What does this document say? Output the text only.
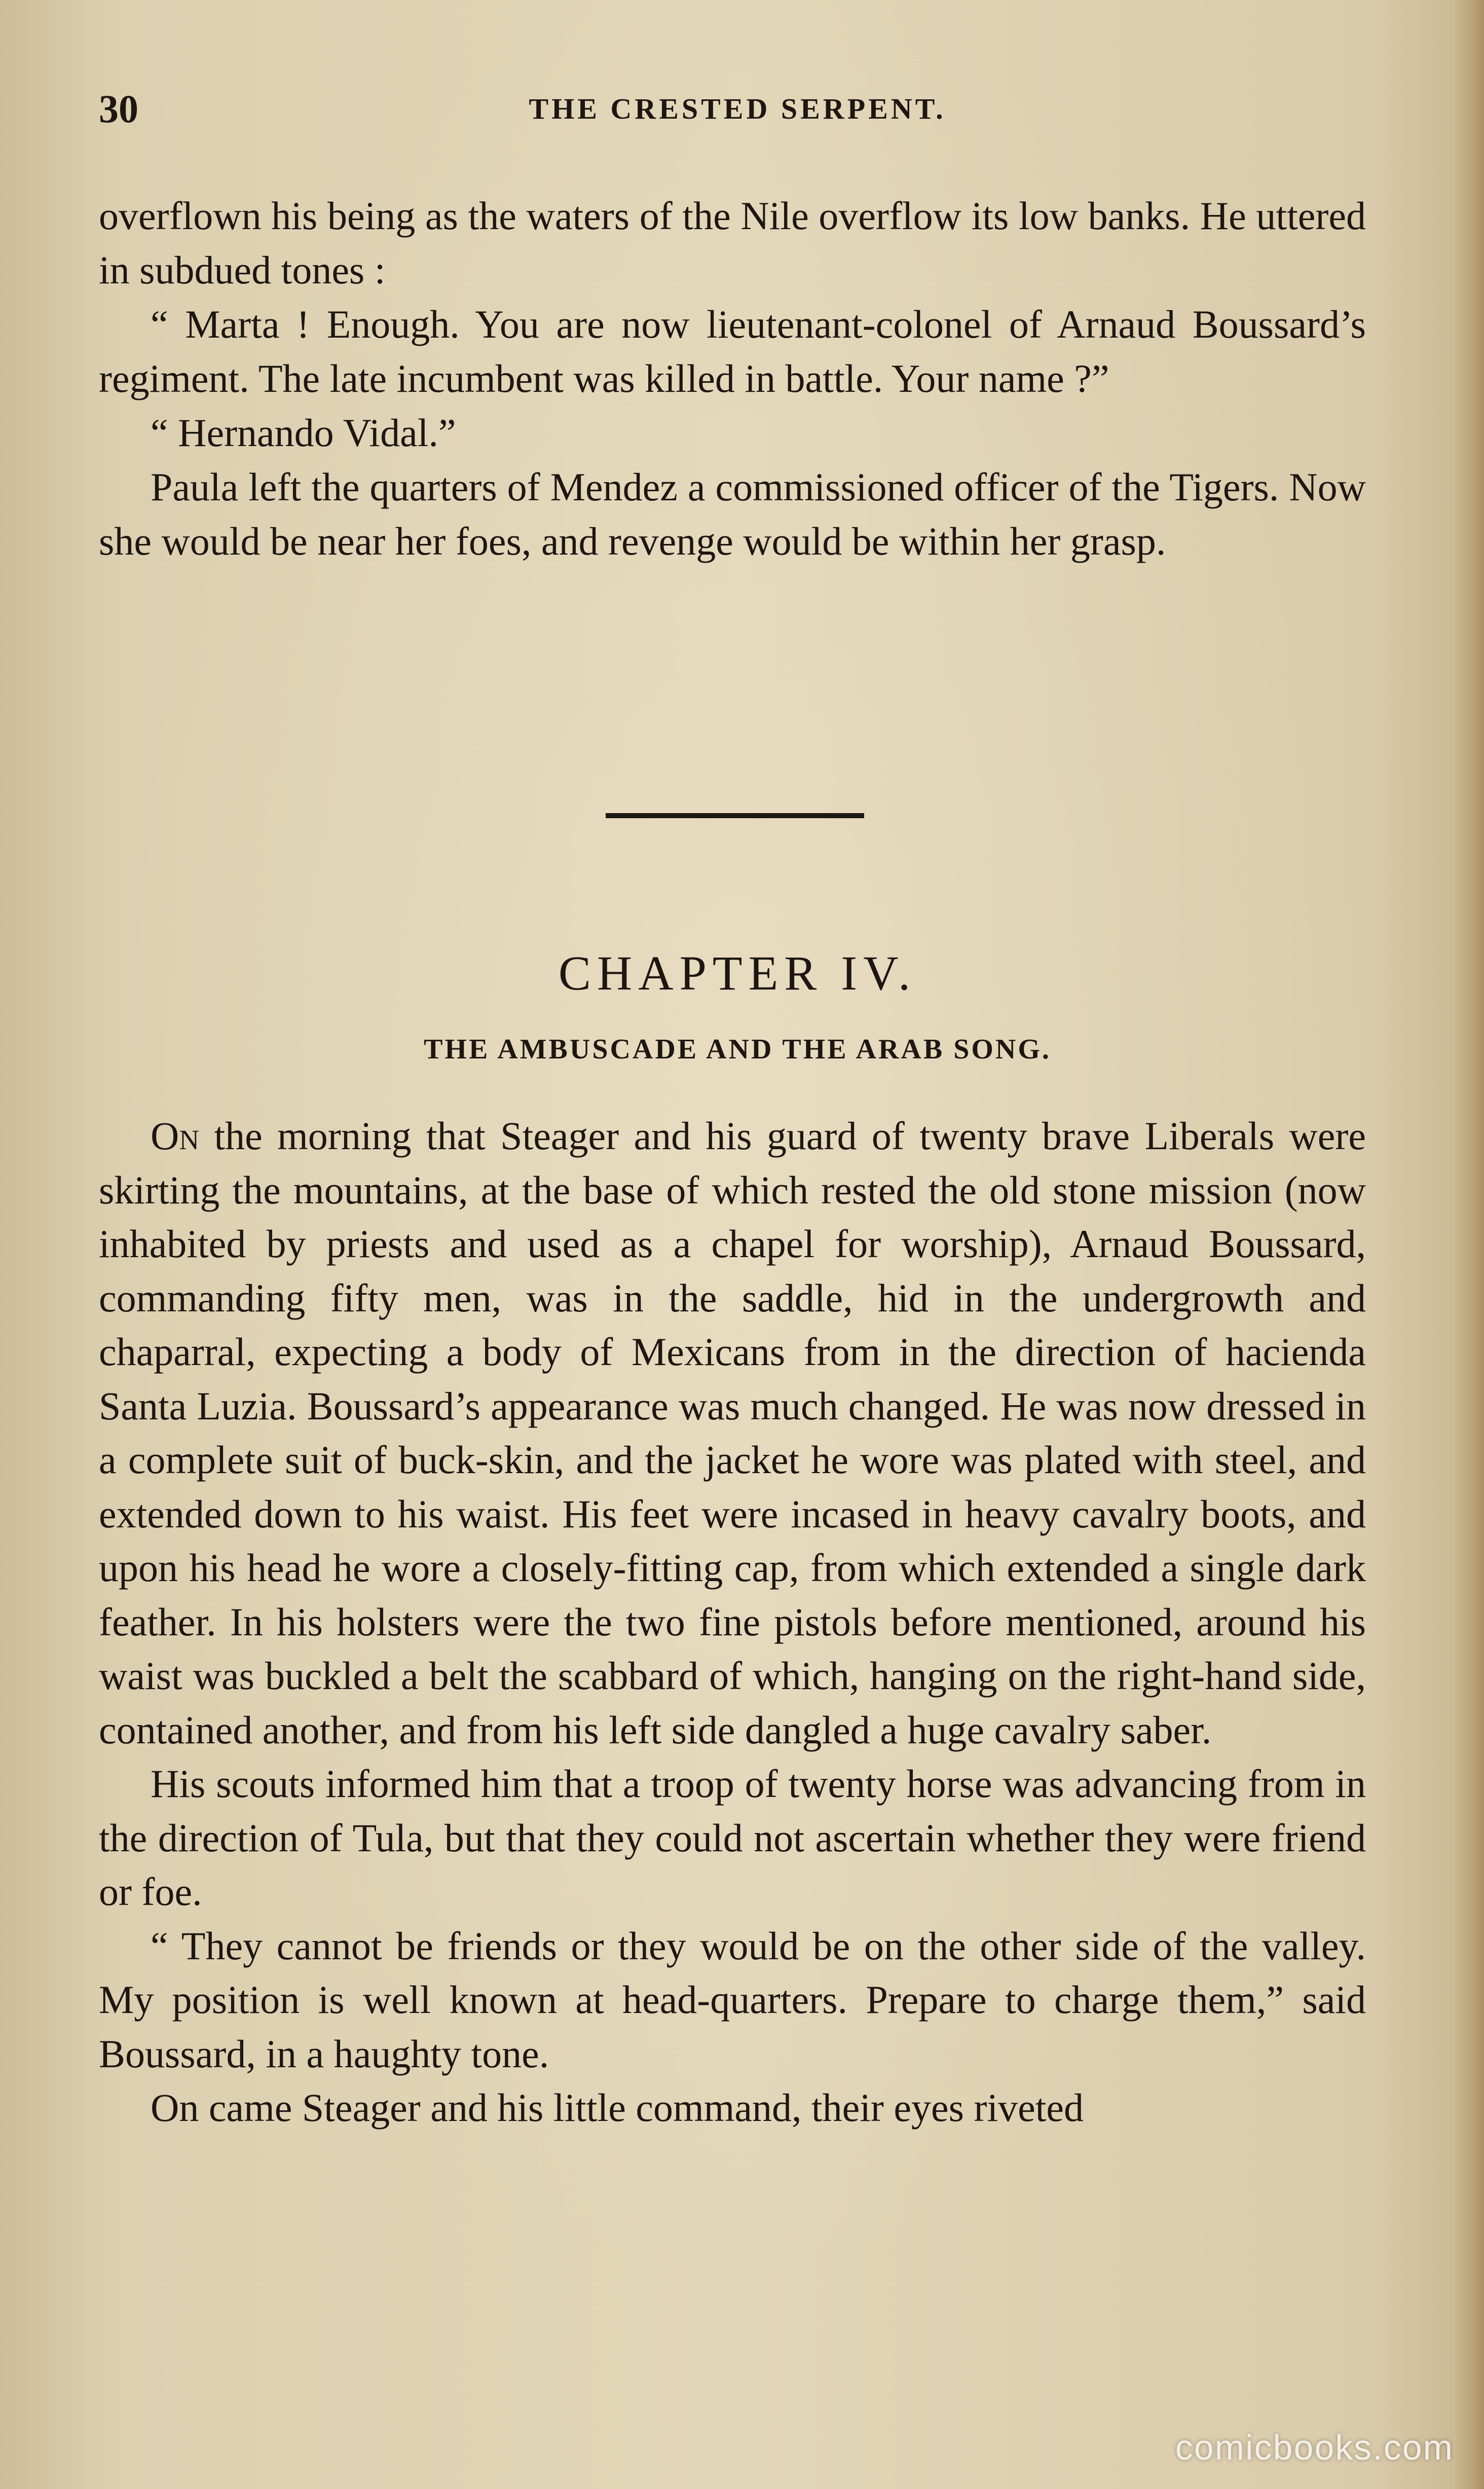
30	THE CRESTED SERPENT.

overflown his being as the waters of the Nile overflow its low banks. He uttered in subdued tones :

“ Marta ! Enough. You are now lieutenant-colonel of Arnaud Boussard’s regiment. The late incumbent was killed in battle. Your name ?”

“ Hernando Vidal.”

Paula left the quarters of Mendez a commissioned officer of the Tigers. Now she would be near her foes, and revenge would be within her grasp.

CHAPTER IV.
THE AMBUSCADE AND THE ARAB SONG.

On the morning that Steager and his guard of twenty brave Liberals were skirting the mountains, at the base of which rested the old stone mission (now inhabited by priests and used as a chapel for worship), Arnaud Boussard, commanding fifty men, was in the saddle, hid in the undergrowth and chaparral, expecting a body of Mexicans from in the direction of hacienda Santa Luzia. Boussard’s appearance was much changed. He was now dressed in a complete suit of buck-skin, and the jacket he wore was plated with steel, and extended down to his waist. His feet were incased in heavy cavalry boots, and upon his head he wore a closely-fitting cap, from which extended a single dark feather. In his holsters were the two fine pistols before mentioned, around his waist was buckled a belt the scabbard of which, hanging on the right-hand side, contained another, and from his left side dangled a huge cavalry saber.

His scouts informed him that a troop of twenty horse was advancing from in the direction of Tula, but that they could not ascertain whether they were friend or foe.

“ They cannot be friends or they would be on the other side of the valley. My position is well known at head-quarters. Prepare to charge them,” said Boussard, in a haughty tone.

On came Steager and his little command, their eyes riveted

comicbooks.com
